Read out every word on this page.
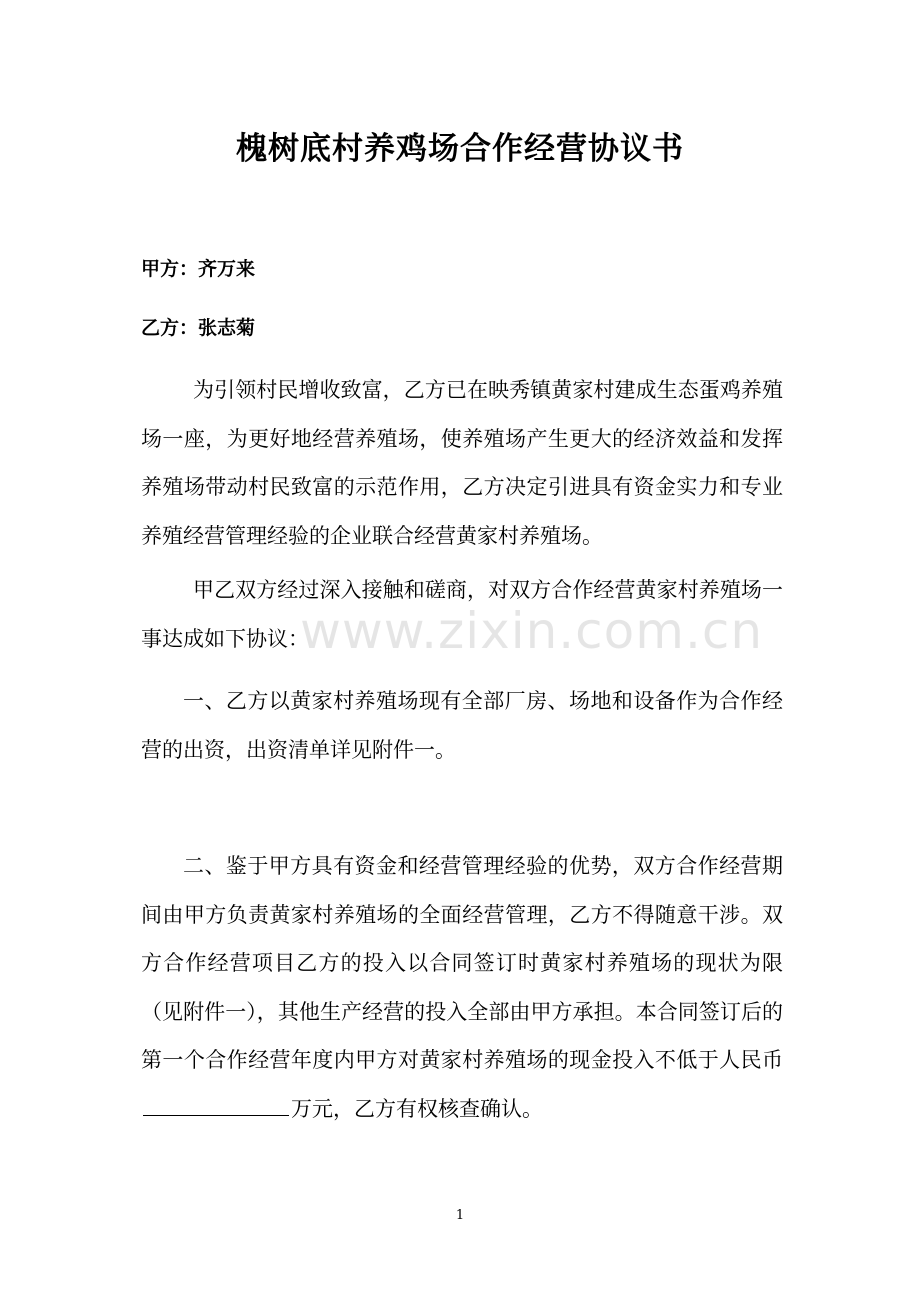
槐树底村养鸡场合作经营协议书
甲方：齐万来
乙方：张志菊

为引领村民增收致富，乙方已在映秀镇黄家村建成生态蛋鸡养殖场一座，为更好地经营养殖场，使养殖场产生更大的经济效益和发挥养殖场带动村民致富的示范作用，乙方决定引进具有资金实力和专业养殖经营管理经验的企业联合经营黄家村养殖场。

甲乙双方经过深入接触和磋商，对双方合作经营黄家村养殖场一事达成如下协议：

一、乙方以黄家村养殖场现有全部厂房、场地和设备作为合作经营的出资，出资清单详见附件一。

二、鉴于甲方具有资金和经营管理经验的优势，双方合作经营期间由甲方负责黄家村养殖场的全面经营管理，乙方不得随意干涉。双方合作经营项目乙方的投入以合同签订时黄家村养殖场的现状为限（见附件一），其他生产经营的投入全部由甲方承担。本合同签订后的第一个合作经营年度内甲方对黄家村养殖场的现金投入不低于人民币万元，乙方有权核查确认。

www.zixin.com.cn
1
